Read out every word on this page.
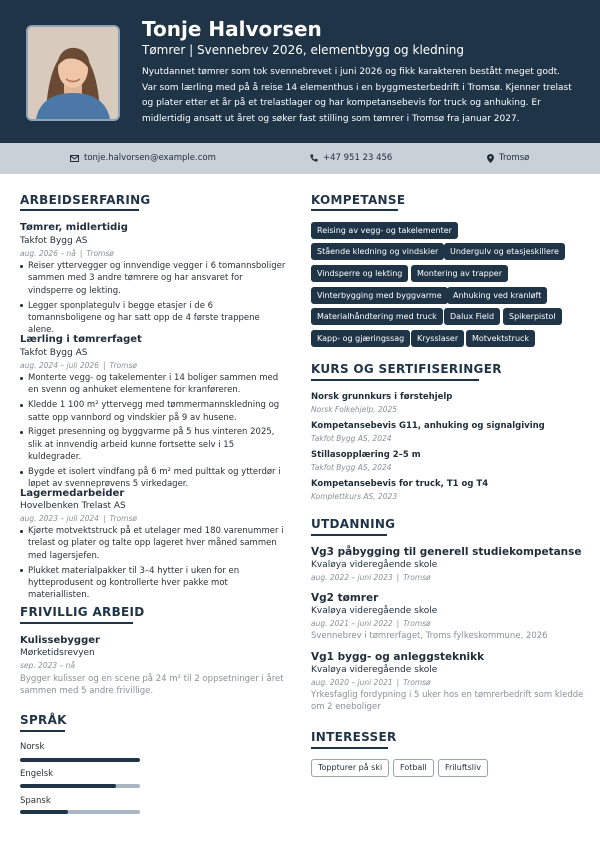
Tonje Halvorsen
Tømrer | Svennebrev 2026, elementbygg og kledning
Nyutdannet tømrer som tok svennebrevet i juni 2026 og fikk karakteren bestått meget godt. Var som lærling med på å reise 14 elementhus i en byggmesterbedrift i Tromsø. Kjenner trelast og plater etter et år på et trelastlager og har kompetansebevis for truck og anhuking. Er midlertidig ansatt ut året og søker fast stilling som tømrer i Tromsø fra januar 2027.
tonje.halvorsen@example.com	+47 951 23 456	Tromsø
ARBEIDSERFARING
Tømrer, midlertidig
Takfot Bygg AS
aug. 2026 – nå | Tromsø
Reiser yttervegger og innvendige vegger i 6 tomannsboliger sammen med 3 andre tømrere og har ansvaret for vindsperre og lekting.
Legger sponplategulv i begge etasjer i de 6 tomannsboligene og har satt opp de 4 første trappene alene.
Lærling i tømrerfaget
Takfot Bygg AS
aug. 2024 – juli 2026 | Tromsø
Monterte vegg- og takelementer i 14 boliger sammen med en svenn og anhuket elementene for kranføreren.
Kledde 1 100 m² yttervegg med tømmermannskledning og satte opp vannbord og vindskier på 9 av husene.
Rigget presenning og byggvarme på 5 hus vinteren 2025, slik at innvendig arbeid kunne fortsette selv i 15 kuldegrader.
Bygde et isolert vindfang på 6 m² med pulttak og ytterdør i løpet av svenneprøvens 5 virkedager.
Lagermedarbeider
Hovelbenken Trelast AS
aug. 2023 – juli 2024 | Tromsø
Kjørte motvektstruck på et utelager med 180 varenummer i trelast og plater og talte opp lageret hver måned sammen med lagersjefen.
Plukket materialpakker til 3–4 hytter i uken for en hytteprodusent og kontrollerte hver pakke mot materiallisten.
FRIVILLIG ARBEID
Kulissebygger
Mørketidsrevyen
sep. 2023 – nå
Bygger kulisser og en scene på 24 m² til 2 oppsetninger i året sammen med 5 andre frivillige.
SPRÅK
Norsk
Engelsk
Spansk
KOMPETANSE
Reising av vegg- og takelementer
Stående kledning og vindskier	Undergulv og etasjeskillere
Vindsperre og lekting	Montering av trapper
Vinterbygging med byggvarme	Anhuking ved kranløft
Materialhåndtering med truck	Dalux Field	Spikerpistol
Kapp- og gjæringssag	Krysslaser	Motvektstruck
KURS OG SERTIFISERINGER
Norsk grunnkurs i førstehjelp
Norsk Folkehjelp, 2025
Kompetansebevis G11, anhuking og signalgiving
Takfot Bygg AS, 2024
Stillasopplæring 2–5 m
Takfot Bygg AS, 2024
Kompetansebevis for truck, T1 og T4
Komplettkurs AS, 2023
UTDANNING
Vg3 påbygging til generell studiekompetanse
Kvaløya videregående skole
aug. 2022 – juni 2023 | Tromsø
Vg2 tømrer
Kvaløya videregående skole
aug. 2021 – juni 2022 | Tromsø
Svennebrev i tømrerfaget, Troms fylkeskommune, 2026
Vg1 bygg- og anleggsteknikk
Kvaløya videregående skole
aug. 2020 – juni 2021 | Tromsø
Yrkesfaglig fordypning i 5 uker hos en tømrerbedrift som kledde om 2 eneboliger
INTERESSER
Toppturer på ski	Fotball	Friluftsliv
